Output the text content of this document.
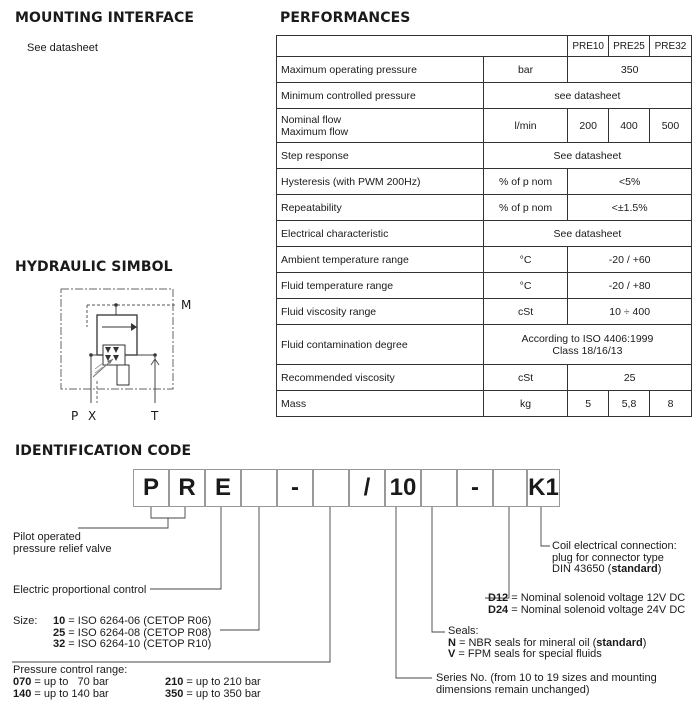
MOUNTING INTERFACE
See datasheet
PERFORMANCES
		PRE10	PRE25	PRE32
Maximum operating pressure	bar	350		
Minimum controlled pressure	see datasheet			
Nominal flow
Maximum flow	l/min	200	400	500
Step response	See datasheet			
Hysteresis (with PWM 200Hz)	% of p nom	<5%		
Repeatability	% of p nom	<±1.5%		
Electrical characteristic	See datasheet			
Ambient temperature range	°C	-20 / +60		
Fluid temperature range	°C	-20 / +80		
Fluid viscosity range	cSt	10 ÷ 400		
Fluid contamination degree	According to ISO 4406:1999
Class 18/16/13			
Recommended viscosity	cSt	25		
Mass	kg	5	5,8	8
HYDRAULIC SIMBOL
M
P X	T
IDENTIFICATION CODE
P R E	-	/ 10	-	K1
Pilot operated
pressure relief valve
Electric proportional control
Size: 10 = ISO 6264-06 (CETOP R06)
25 = ISO 6264-08 (CETOP R08)
32 = ISO 6264-10 (CETOP R10)
Pressure control range:
070 = up to   70 bar
140 = up to 140 bar
210 = up to 210 bar
350 = up to 350 bar
Coil electrical connection:
plug for connector type
DIN 43650 (standard)
D12 = Nominal solenoid voltage 12V DC
D24 = Nominal solenoid voltage 24V DC
Seals:
N = NBR seals for mineral oil (standard)
V = FPM seals for special fluids
Series No. (from 10 to 19 sizes and mounting
dimensions remain unchanged)
